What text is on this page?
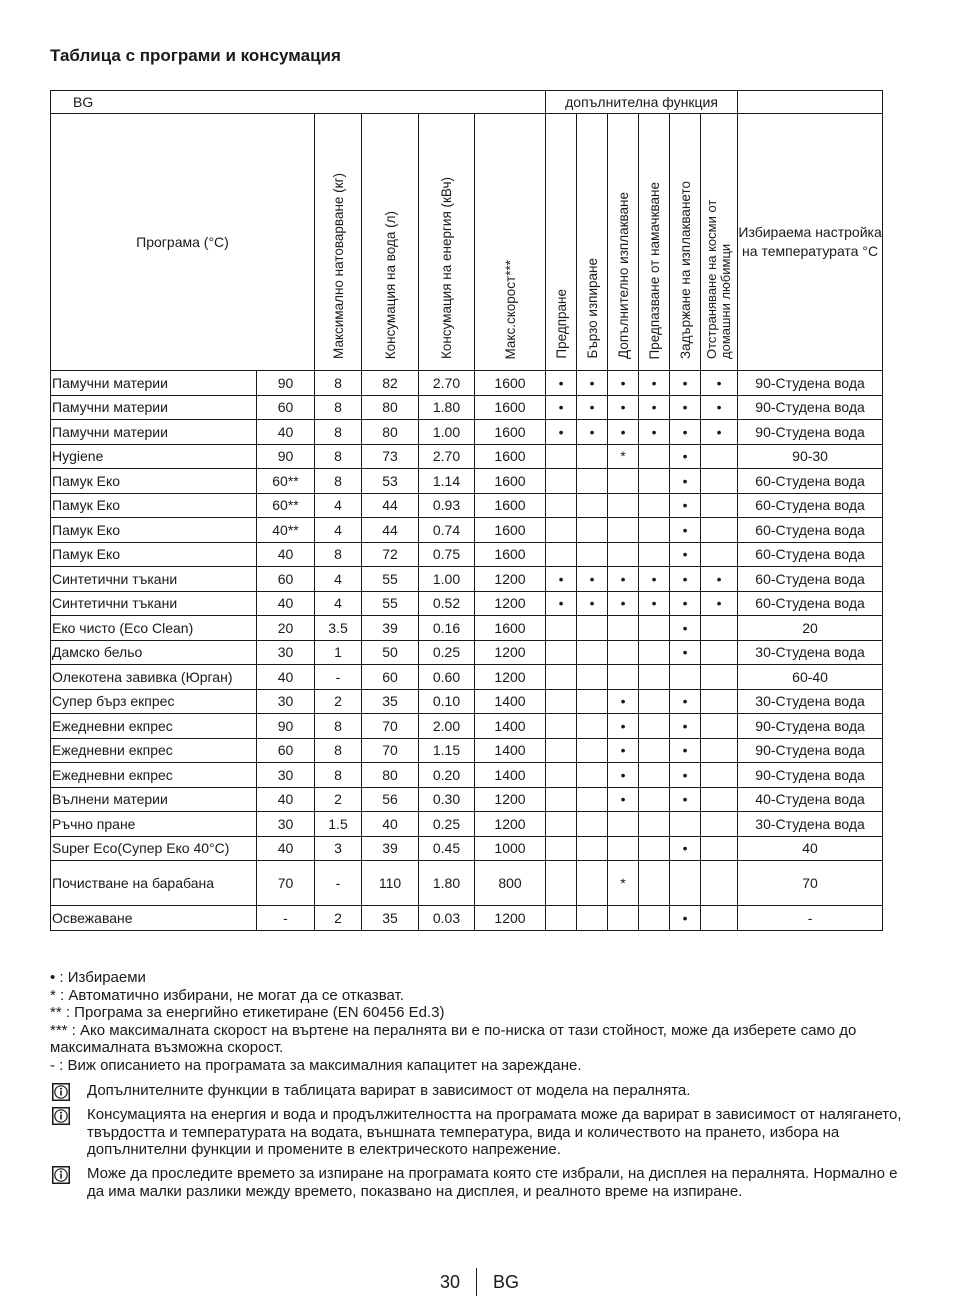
Таблица с програми и консумация
BG						допълнителна функция						
Програма (°C)		Максимално натоварване (кг)	Консумация на вода (л)	Консумация на енергия (кВч)	Макс.скорост***	Предпране	Бързо изпиране	Допълнително изплакване	Предпазване от намачкване	Задържане на изплакването	Отстраняване на косми от домашни любимци	Избираема настройка на температурата °C
Памучни материи	90	8	82	2.70	1600	•	•	•	•	•	•	90-Студена вода
Памучни материи	60	8	80	1.80	1600	•	•	•	•	•	•	90-Студена вода
Памучни материи	40	8	80	1.00	1600	•	•	•	•	•	•	90-Студена вода
Hygiene	90	8	73	2.70	1600			*		•		90-30
Памук Еко	60**	8	53	1.14	1600					•		60-Студена вода
Памук Еко	60**	4	44	0.93	1600					•		60-Студена вода
Памук Еко	40**	4	44	0.74	1600					•		60-Студена вода
Памук Еко	40	8	72	0.75	1600					•		60-Студена вода
Синтетични тъкани	60	4	55	1.00	1200	•	•	•	•	•	•	60-Студена вода
Синтетични тъкани	40	4	55	0.52	1200	•	•	•	•	•	•	60-Студена вода
Еко чисто (Eco Clean)	20	3.5	39	0.16	1600					•		20
Дамско бельо	30	1	50	0.25	1200					•		30-Студена вода
Олекотена завивка (Юрган)	40	-	60	0.60	1200							60-40
Супер бърз екпрес	30	2	35	0.10	1400			•		•		30-Студена вода
Ежедневни екпрес	90	8	70	2.00	1400			•		•		90-Студена вода
Ежедневни екпрес	60	8	70	1.15	1400			•		•		90-Студена вода
Ежедневни екпрес	30	8	80	0.20	1400			•		•		90-Студена вода
Вълнени материи	40	2	56	0.30	1200			•		•		40-Студена вода
Ръчно пране	30	1.5	40	0.25	1200							30-Студена вода
Super Eco(Супер Еко 40°C)	40	3	39	0.45	1000					•		40
Почистване на барабана	70	-	110	1.80	800			*				70
Освежаване	-	2	35	0.03	1200					•		-

• : Избираеми

* : Автоматично избирани, не могат да се отказват.

** : Програма за енергийно етикетиране (EN 60456 Ed.3)

*** : Ако максималната скорост на въртене на пералнята ви е по-ниска от тази стойност, може да изберете само до максималната възможна скорост.

- : Виж описанието на програмата за максималния капацитет на зареждане.

Допълнителните функции в таблицата варират в зависимост от модела на пералнята.
Консумацията на енергия и вода и продължителността на програмата може да варират в зависимост от налягането, твърдостта и температурата на водата, външната температура, вида и количеството на прането, избора на допълнителни функции и промените в електрическото напрежение.
Може да проследите времето за изпиране на програмата която сте избрали, на дисплея на пералнята. Нормално е да има малки разлики между времето, показвано на дисплея, и реалното време на изпиране.
30 BG
